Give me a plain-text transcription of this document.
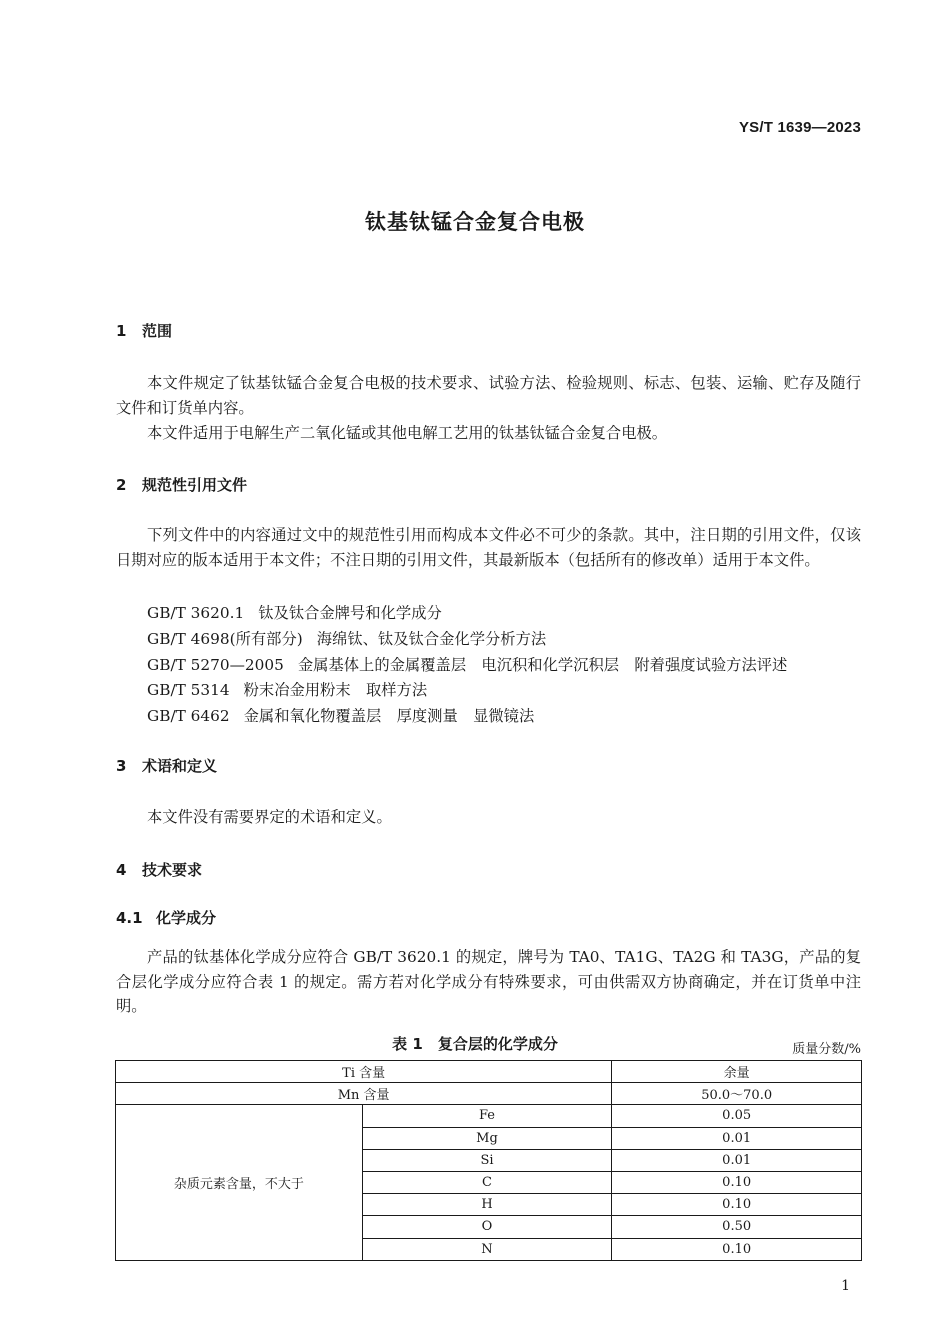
YS/T 1639—2023
钛基钛锰合金复合电极
1 范围

本文件规定了钛基钛锰合金复合电极的技术要求、试验方法、检验规则、标志、包装、运输、贮存及随行文件和订货单内容。

本文件适用于电解生产二氧化锰或其他电解工艺用的钛基钛锰合金复合电极。

2 规范性引用文件

下列文件中的内容通过文中的规范性引用而构成本文件必不可少的条款。其中，注日期的引用文件，仅该日期对应的版本适用于本文件；不注日期的引用文件，其最新版本（包括所有的修改单）适用于本文件。

GB/T 3620.1 钛及钛合金牌号和化学成分
GB/T 4698(所有部分) 海绵钛、钛及钛合金化学分析方法
GB/T 5270—2005 金属基体上的金属覆盖层　电沉积和化学沉积层　附着强度试验方法评述
GB/T 5314 粉末冶金用粉末　取样方法
GB/T 6462 金属和氧化物覆盖层　厚度测量　显微镜法
3 术语和定义

本文件没有需要界定的术语和定义。

4 技术要求
4.1 化学成分

产品的钛基体化学成分应符合 GB/T 3620.1 的规定，牌号为 TA0、TA1G、TA2G 和 TA3G，产品的复合层化学成分应符合表 1 的规定。需方若对化学成分有特殊要求，可由供需双方协商确定，并在订货单中注明。

表 1　复合层的化学成分	质量分数/%
Ti 含量		余量
Mn 含量		50.0～70.0
杂质元素含量，不大于	Fe	0.05
	Mg	0.01
	Si	0.01
	C	0.10
	H	0.10
	O	0.50
	N	0.10
1
